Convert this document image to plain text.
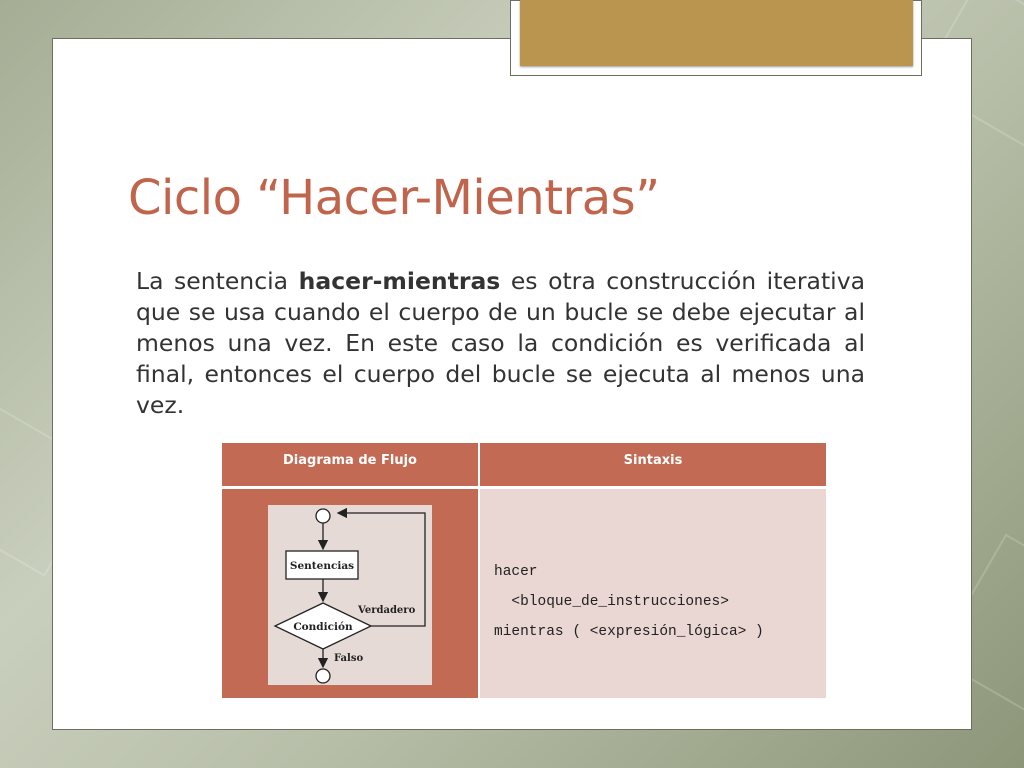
Ciclo “Hacer-Mientras”

La sentencia hacer-mientras es otra construcción iterativa que se usa cuando el cuerpo de un bucle se debe ejecutar al menos una vez. En este caso la condición es verificada al final, entonces el cuerpo del bucle se ejecuta al menos una vez.

Diagrama de Flujo	Sintaxis
Sentencias
Condición
Verdadero
Falso
hacer
<bloque_de_instrucciones>
mientras ( <expresión_lógica> )
